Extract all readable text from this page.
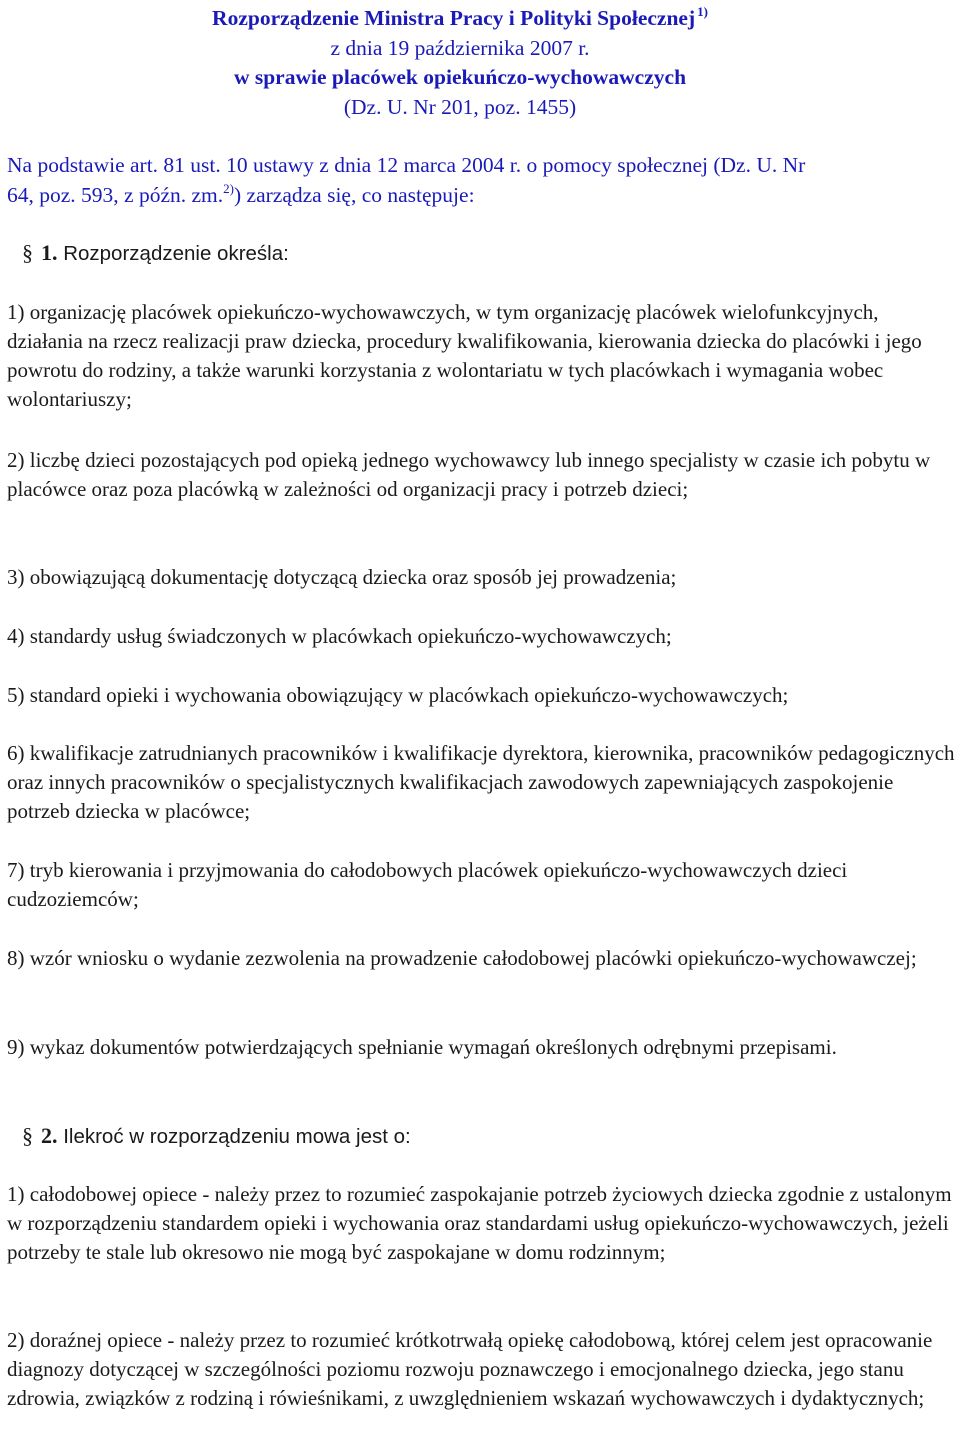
Rozporządzenie Ministra Pracy i Polityki Społecznej $^{1)}$
z dnia 19 października 2007 r.
w sprawie placówek opiekuńczo-wychowawczych
(Dz. U. Nr 201, poz. 1455)
Na podstawie art. 81 ust. 10 ustawy z dnia 12 marca 2004 r. o pomocy społecznej (Dz. U. Nr
64, poz. 593, z późn. zm.$^{2)}$) zarządza się, co następuje:
§ 1. Rozporządzenie określa:

1) organizację placówek opiekuńczo-wychowawczych, w tym organizację placówek wielofunkcyjnych, działania na rzecz realizacji praw dziecka, procedury kwalifikowania, kierowania dziecka do placówki i jego powrotu do rodziny, a także warunki korzystania z wolontariatu w tych placówkach i wymagania wobec wolontariuszy;

2) liczbę dzieci pozostających pod opieką jednego wychowawcy lub innego specjalisty w czasie ich pobytu w placówce oraz poza placówką w zależności od organizacji pracy i potrzeb dzieci;

3) obowiązującą dokumentację dotyczącą dziecka oraz sposób jej prowadzenia;

4) standardy usług świadczonych w placówkach opiekuńczo-wychowawczych;

5) standard opieki i wychowania obowiązujący w placówkach opiekuńczo-wychowawczych;

6) kwalifikacje zatrudnianych pracowników i kwalifikacje dyrektora, kierownika, pracowników pedagogicznych oraz innych pracowników o specjalistycznych kwalifikacjach zawodowych zapewniających zaspokojenie potrzeb dziecka w placówce;

7) tryb kierowania i przyjmowania do całodobowych placówek opiekuńczo-wychowawczych dzieci cudzoziemców;

8) wzór wniosku o wydanie zezwolenia na prowadzenie całodobowej placówki opiekuńczo-wychowawczej;

9) wykaz dokumentów potwierdzających spełnianie wymagań określonych odrębnymi przepisami.

§ 2. Ilekroć w rozporządzeniu mowa jest o:

1) całodobowej opiece - należy przez to rozumieć zaspokajanie potrzeb życiowych dziecka zgodnie z ustalonym w rozporządzeniu standardem opieki i wychowania oraz standardami usług opiekuńczo-wychowawczych, jeżeli potrzeby te stale lub okresowo nie mogą być zaspokajane w domu rodzinnym;

2) doraźnej opiece - należy przez to rozumieć krótkotrwałą opiekę całodobową, której celem jest opracowanie diagnozy dotyczącej w szczególności poziomu rozwoju poznawczego i emocjonalnego dziecka, jego stanu zdrowia, związków z rodziną i rówieśnikami, z uwzględnieniem wskazań wychowawczych i dydaktycznych;
